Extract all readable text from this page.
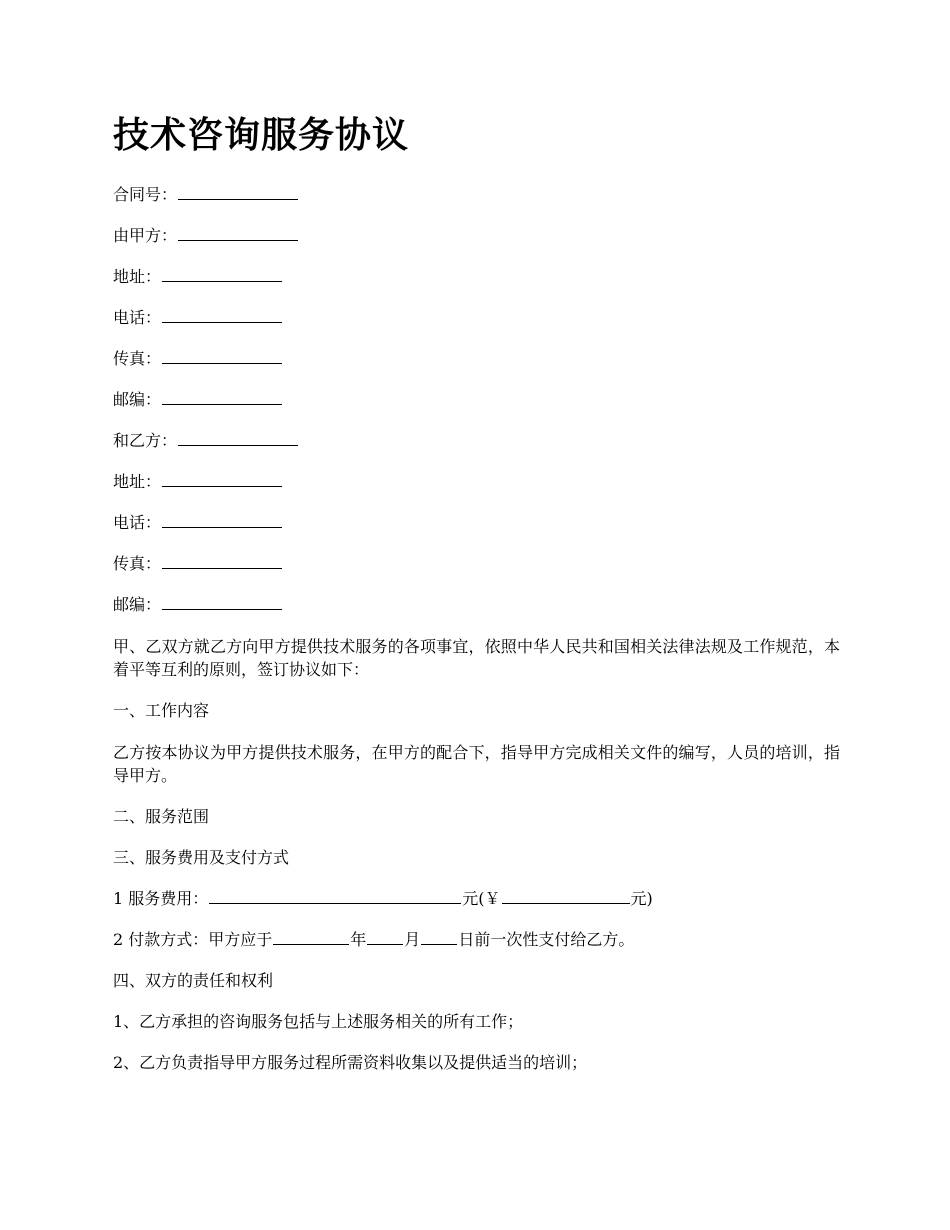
技术咨询服务协议

合同号：

由甲方：

地址：

电话：

传真：

邮编：

和乙方：

地址：

电话：

传真：

邮编：

甲、乙双方就乙方向甲方提供技术服务的各项事宜，依照中华人民共和国相关法律法规及工作规范，本着平等互利的原则，签订协议如下：

一、工作内容

乙方按本协议为甲方提供技术服务，在甲方的配合下，指导甲方完成相关文件的编写，人员的培训，指导甲方。

二、服务范围

三、服务费用及支付方式

1 服务费用：	元(￥	元)

2 付款方式：甲方应于	年 月 日前一次性支付给乙方。

四、双方的责任和权利

1、乙方承担的咨询服务包括与上述服务相关的所有工作；

2、乙方负责指导甲方服务过程所需资料收集以及提供适当的培训；
